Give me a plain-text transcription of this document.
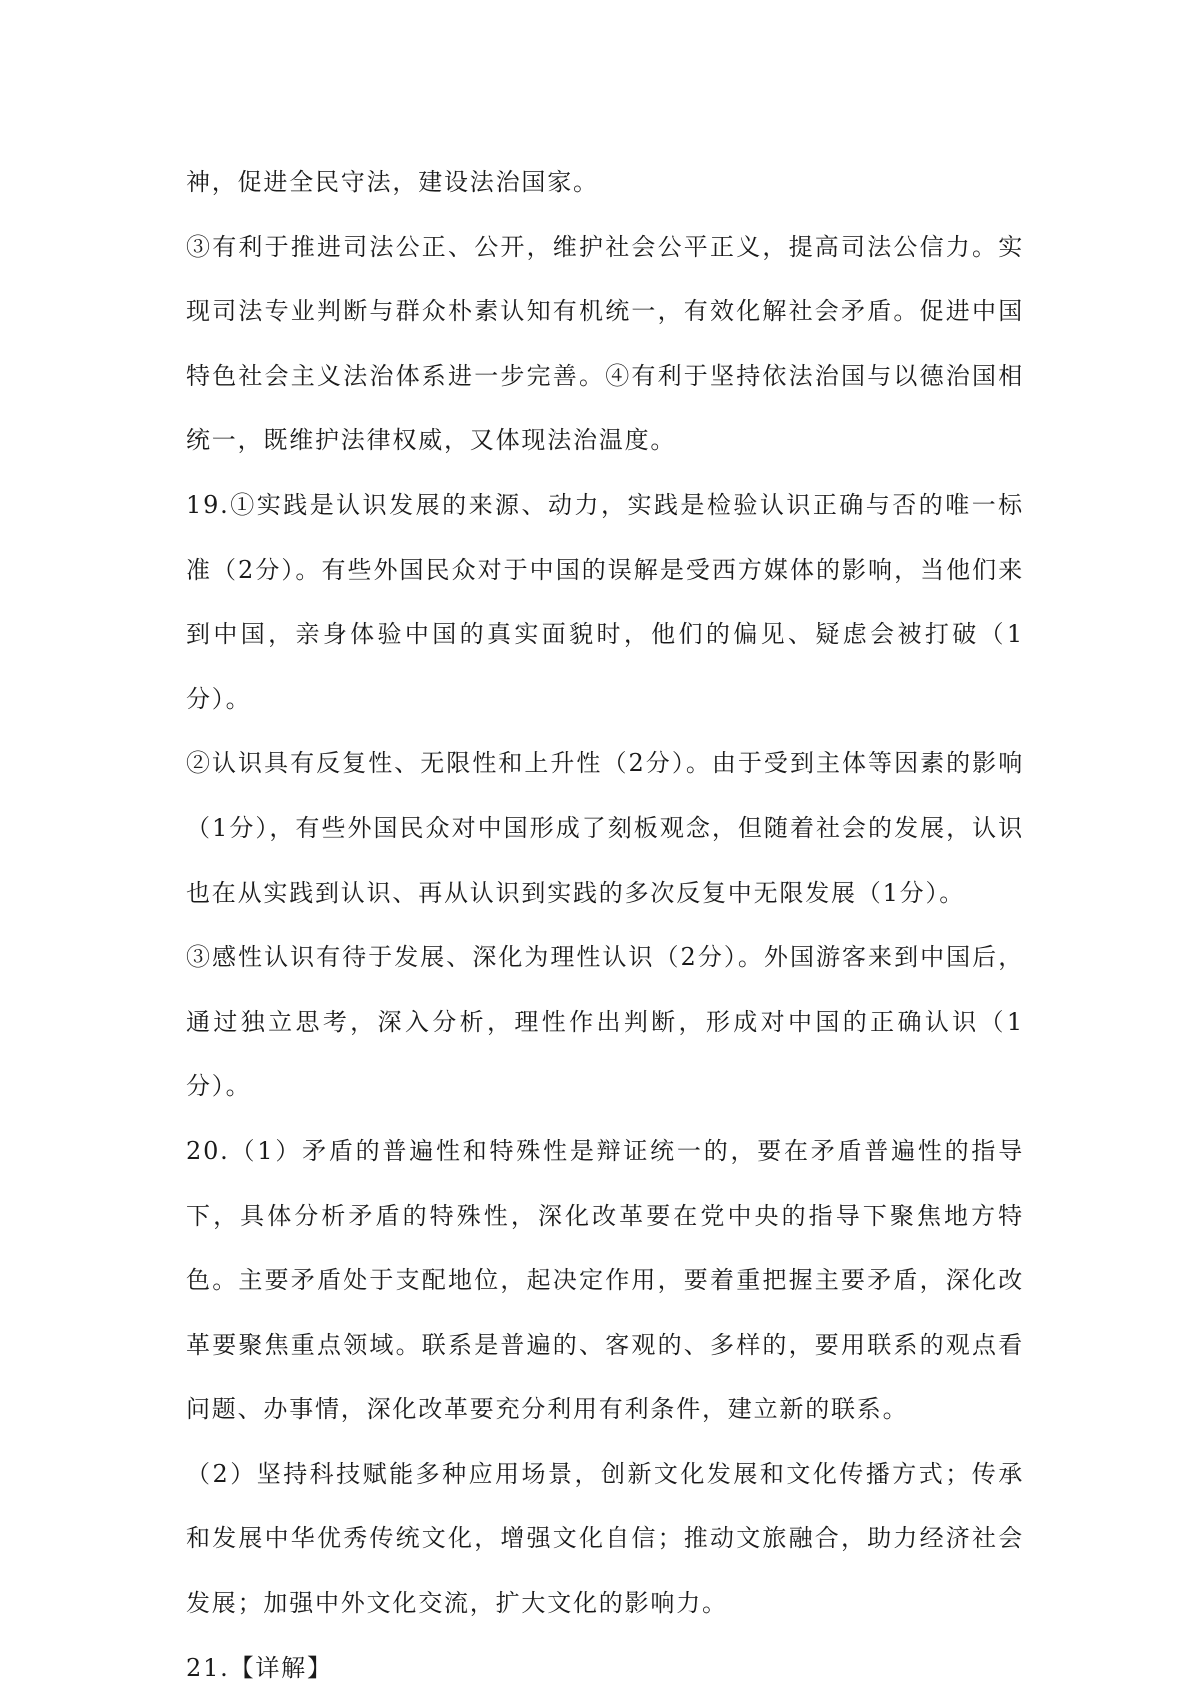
神，促进全民守法，建设法治国家。

③有利于推进司法公正、公开，维护社会公平正义，提高司法公信力。实现司法专业判断与群众朴素认知有机统一，有效化解社会矛盾。促进中国特色社会主义法治体系进一步完善。④有利于坚持依法治国与以德治国相统一，既维护法律权威，又体现法治温度。

19.①实践是认识发展的来源、动力，实践是检验认识正确与否的唯一标准（2分）。有些外国民众对于中国的误解是受西方媒体的影响，当他们来到中国，亲身体验中国的真实面貌时，他们的偏见、疑虑会被打破（1分）。

②认识具有反复性、无限性和上升性（2分）。由于受到主体等因素的影响（1分），有些外国民众对中国形成了刻板观念，但随着社会的发展，认识也在从实践到认识、再从认识到实践的多次反复中无限发展（1分）。

③感性认识有待于发展、深化为理性认识（2分）。外国游客来到中国后，通过独立思考，深入分析，理性作出判断，形成对中国的正确认识（1分）。

20.（1）矛盾的普遍性和特殊性是辩证统一的，要在矛盾普遍性的指导下，具体分析矛盾的特殊性，深化改革要在党中央的指导下聚焦地方特色。主要矛盾处于支配地位，起决定作用，要着重把握主要矛盾，深化改革要聚焦重点领域。联系是普遍的、客观的、多样的，要用联系的观点看问题、办事情，深化改革要充分利用有利条件，建立新的联系。

（2）坚持科技赋能多种应用场景，创新文化发展和文化传播方式；传承和发展中华优秀传统文化，增强文化自信；推动文旅融合，助力经济社会发展；加强中外文化交流，扩大文化的影响力。

21.【详解】
